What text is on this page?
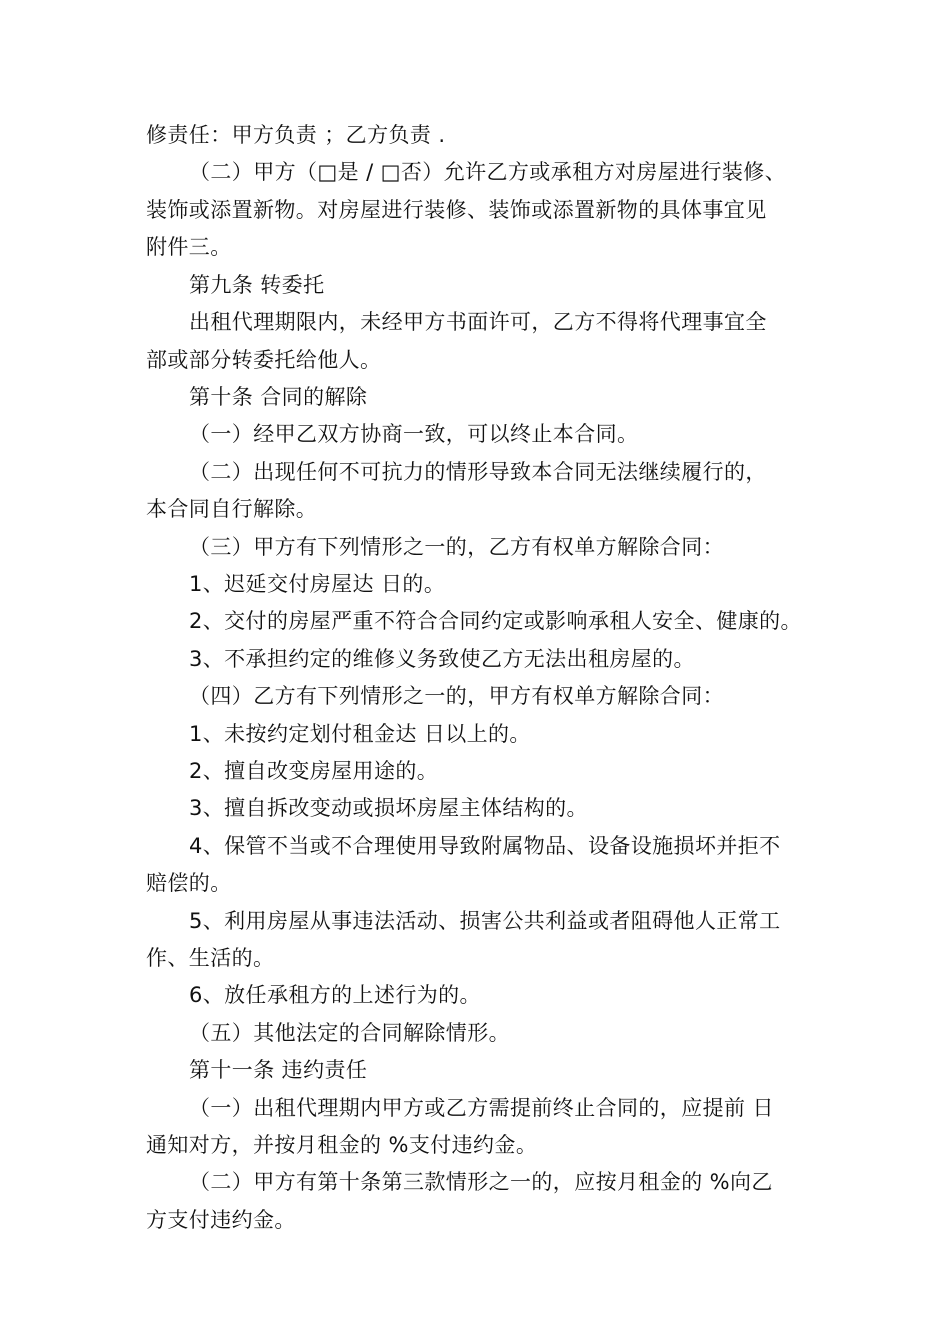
修责任：甲方负责 ；乙方负责 .
（二）甲方（□是 / □否）允许乙方或承租方对房屋进行装修、
装饰或添置新物。对房屋进行装修、装饰或添置新物的具体事宜见
附件三。
第九条 转委托
出租代理期限内，未经甲方书面许可，乙方不得将代理事宜全
部或部分转委托给他人。
第十条 合同的解除
（一）经甲乙双方协商一致，可以终止本合同。
（二）出现任何不可抗力的情形导致本合同无法继续履行的，
本合同自行解除。
（三）甲方有下列情形之一的，乙方有权单方解除合同：
1、迟延交付房屋达 日的。
2、交付的房屋严重不符合合同约定或影响承租人安全、健康的。
3、不承担约定的维修义务致使乙方无法出租房屋的。
（四）乙方有下列情形之一的，甲方有权单方解除合同：
1、未按约定划付租金达 日以上的。
2、擅自改变房屋用途的。
3、擅自拆改变动或损坏房屋主体结构的。
4、保管不当或不合理使用导致附属物品、设备设施损坏并拒不
赔偿的。
5、利用房屋从事违法活动、损害公共利益或者阻碍他人正常工
作、生活的。
6、放任承租方的上述行为的。
（五）其他法定的合同解除情形。
第十一条 违约责任
（一）出租代理期内甲方或乙方需提前终止合同的，应提前 日
通知对方，并按月租金的 %支付违约金。
（二）甲方有第十条第三款情形之一的，应按月租金的 %向乙
方支付违约金。
